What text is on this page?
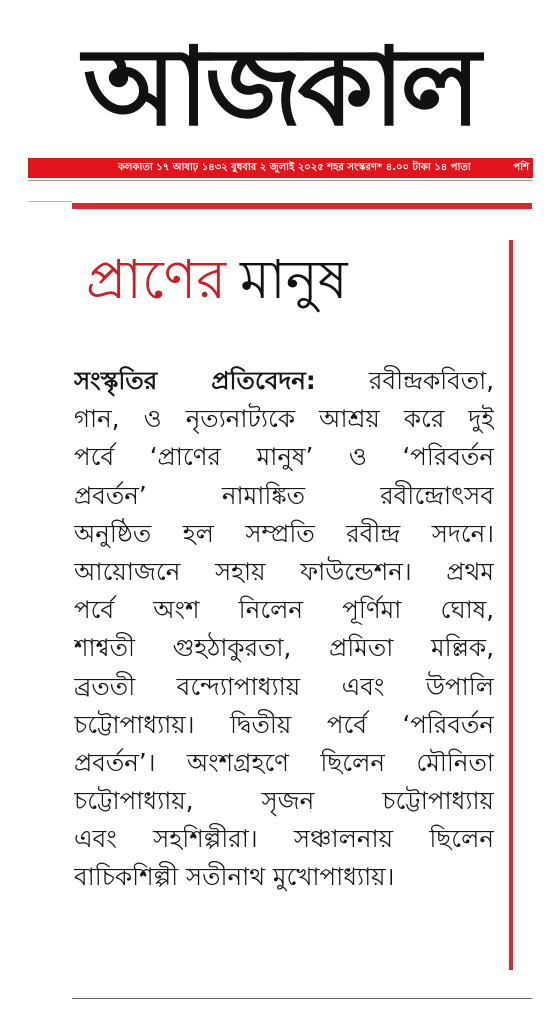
আজকাল
কলকাতা ১৭ আষাঢ় ১৪৩২ বুধবার ২ জুলাই ২০২৫ শহর সংস্করণ* ৪.০০ টাকা ১৪ পাতা	পশি
প্রাণের মানুষ
সংস্কৃতির প্রতিবেদন: রবীন্দ্রকবিতা,
গান, ও নৃত্যনাট্যকে আশ্রয় করে দুই
পর্বে ‘প্রাণের মানুষ’ ও ‘পরিবর্তন
প্রবর্তন’ নামাঙ্কিত রবীন্দ্রোৎসব
অনুষ্ঠিত হল সম্প্রতি রবীন্দ্র সদনে।
আয়োজনে সহায় ফাউন্ডেশন। প্রথম
পর্বে অংশ নিলেন পূর্ণিমা ঘোষ,
শাশ্বতী গুহঠাকুরতা, প্রমিতা মল্লিক,
ব্রততী বন্দ্যোপাধ্যায় এবং উপালি
চট্টোপাধ্যায়। দ্বিতীয় পর্বে ‘পরিবর্তন
প্রবর্তন’। অংশগ্রহণে ছিলেন মৌনিতা
চট্টোপাধ্যায়, সৃজন চট্টোপাধ্যায়
এবং সহশিল্পীরা। সঞ্চালনায় ছিলেন
বাচিকশিল্পী সতীনাথ মুখোপাধ্যায়।
